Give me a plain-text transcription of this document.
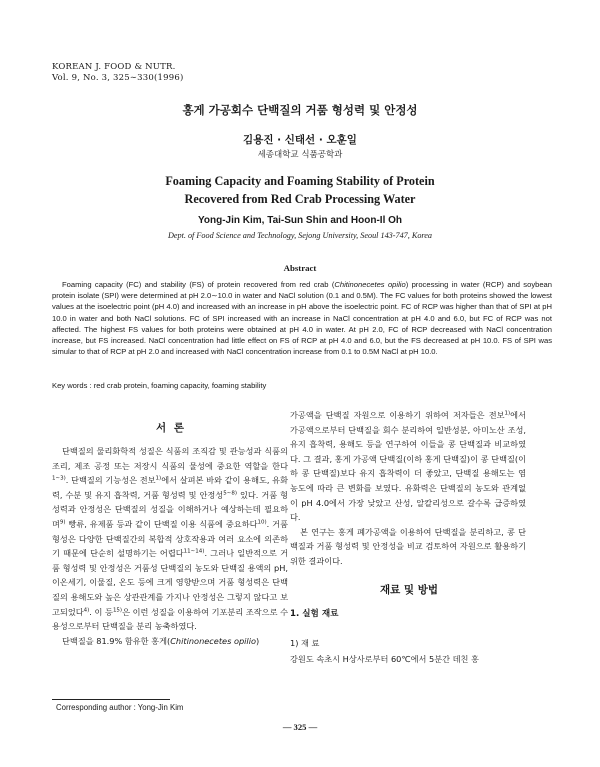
KOREAN J. FOOD & NUTR.
Vol. 9, No. 3, 325∼330(1996)
홍게 가공회수 단백질의 거품 형성력 및 안정성
김용진 · 신태선 · 오훈일
세종대학교 식품공학과
Foaming Capacity and Foaming Stability of Protein
Recovered from Red Crab Processing Water
Yong-Jin Kim, Tai-Sun Shin and Hoon-Il Oh
Dept. of Food Science and Technology, Sejong University, Seoul 143-747, Korea
Abstract

Foaming capacity (FC) and stability (FS) of protein recovered from red crab (Chitinonecetes opilio) processing in water (RCP) and soybean protein isolate (SPI) were determined at pH 2.0∼10.0 in water and NaCl solution (0.1 and 0.5M). The FC values for both proteins showed the lowest values at the isoelectric point (pH 4.0) and increased with an increase in pH above the isoelectric point. FC of RCP was higher than that of SPI at pH 10.0 in water and both NaCl solutions. FC of SPI increased with an increase in NaCl concentration at pH 4.0 and 6.0, but FC of RCP was not affected. The highest FS values for both proteins were obtained at pH 4.0 in water. At pH 2.0, FC of RCP decreased with NaCl concentration increase, but FS increased. NaCl concentration had little effect on FS of RCP at pH 4.0 and 6.0, but the FS decreased at pH 10.0. FS of SPI was simular to that of RCP at pH 2.0 and increased with NaCl concentration increase from 0.1 to 0.5M NaCl at pH 10.0.

Key words : red crab protein, foaming capacity, foaming stability
서 론

단백질의 물리화학적 성질은 식품의 조직감 및 관능성과 식품의 조리, 제조 공정 또는 저장시 식품의 물성에 중요한 역할을 한다$^{1\sim 3)}$. 단백질의 기능성은 전보$^{1)}$에서 살펴본 바와 같이 용해도, 유화력, 수분 및 유지 흡착력, 거품 형성력 및 안정성$^{5\sim 8)}$ 있다. 거품 형성력과 안정성은 단백질의 성질을 이해하거나 예상하는데 필요하며$^{9)}$ 빵류, 유제품 등과 같이 단백질 이용 식품에 중요하다$^{10)}$. 거품 형성은 다양한 단백질간의 복합적 상호작용과 여러 요소에 의존하기 때문에 단순히 설명하기는 어렵다$^{11\sim 14)}$. 그러나 일반적으로 거품 형성력 및 안정성은 거품성 단백질의 농도와 단백질 용액의 pH, 이온세기, 이물질, 온도 등에 크게 영향받으며 거품 형성력은 단백질의 용해도와 높은 상관관계를 가지나 안정성은 그렇지 않다고 보고되었다$^{4)}$. 이 등$^{15)}$은 이런 성질을 이용하여 기포분리 조작으로 수 용성으로부터 단백질을 분리 농축하였다.

단백질을 81.9% 함유한 홍게(Chitinonecetes opilio)

가공액을 단백질 자원으로 이용하기 위하여 저자들은 전보$^{1)}$에서 가공액으로부터 단백질을 회수 분리하여 일반성분, 아미노산 조성, 유지 흡착력, 용해도 등을 연구하여 이들을 콩 단백질과 비교하였다. 그 결과, 홍게 가공액 단백질(이하 홍게 단백질)이 콩 단백질(이하 콩 단백질)보다 유지 흡착력이 더 좋았고, 단백질 용해도는 염 농도에 따라 큰 변화를 보였다. 유화력은 단백질의 농도와 관계없이 pH 4.0에서 가장 낮았고 산성, 알칼리성으로 갈수록 급증하였다.

본 연구는 홍게 폐가공액을 이용하여 단백질을 분리하고, 콩 단백질과 거품 형성력 및 안정성을 비교 검토하여 자원으로 활용하기 위한 결과이다.

재료 및 방법
1. 실험 재료
1) 재 료
강원도 속초시 H상사로부터 60℃에서 5분간 데친 홍
Corresponding author : Yong-Jin Kim
— 325 —
